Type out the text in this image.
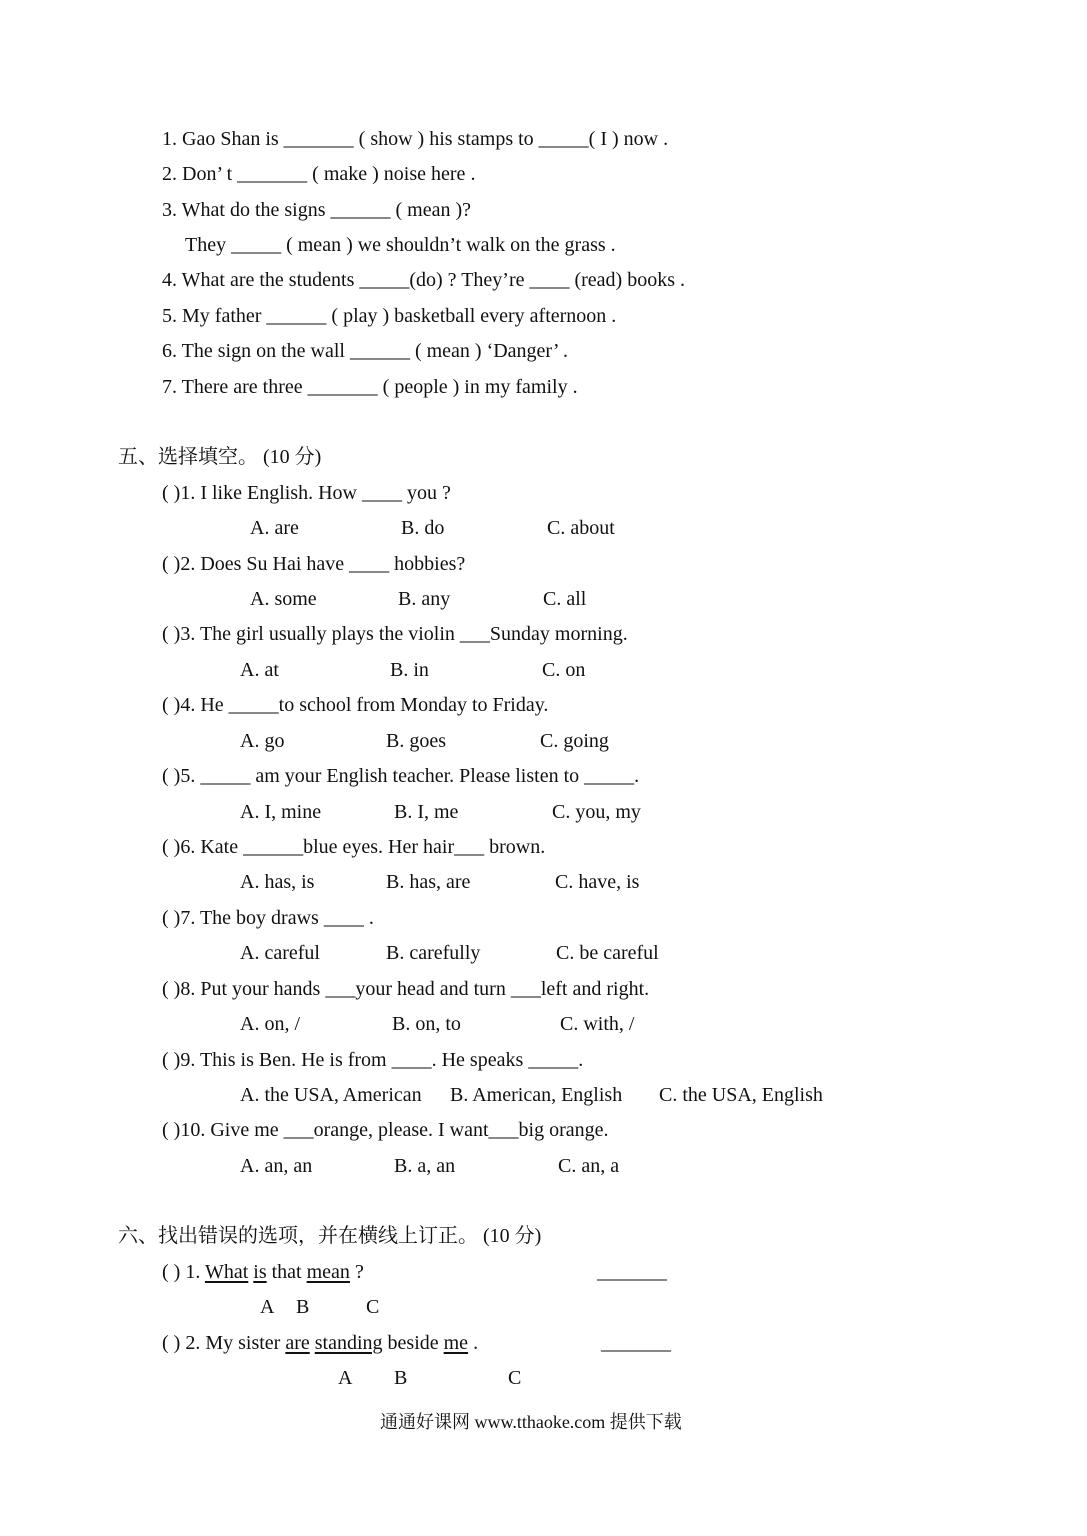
1. Gao Shan is _______ ( show ) his stamps to _____( I ) now .
2. Don’ t _______ ( make ) noise here .
3. What do the signs ______ ( mean )?
They _____ ( mean ) we shouldn’t walk on the grass .
4. What are the students _____(do) ? They’re ____ (read) books .
5. My father ______ ( play ) basketball every afternoon .
6. The sign on the wall ______ ( mean ) ‘Danger’ .
7. There are three _______ ( people ) in my family .
五、选择填空。 (10 分)
( )1. I like English. How ____ you ?
A. are	B. do	C. about
( )2. Does Su Hai have ____ hobbies?
A. some	B. any	C. all
( )3. The girl usually plays the violin ___Sunday morning.
A. at	B. in	C. on
( )4. He _____to school from Monday to Friday.
A. go	B. goes	C. going
( )5. _____ am your English teacher. Please listen to _____.
A. I, mine	B. I, me	C. you, my
( )6. Kate ______blue eyes. Her hair___ brown.
A. has, is	B. has, are	C. have, is
( )7. The boy draws ____ .
A. careful	B. carefully	C. be careful
( )8. Put your hands ___your head and turn ___left and right.
A. on, /	B. on, to	C. with, /
( )9. This is Ben. He is from ____. He speaks _____.
A. the USA, American B. American, English C. the USA, English
( )10. Give me ___orange, please. I want___big orange.
A. an, an	B. a, an	C. an, a
六、找出错误的选项，并在横线上订正。 (10 分)
( ) 1. What is that mean ?	_______
A B	C
( ) 2. My sister are standing beside me .	_______
A B	C
通通好课网 www.tthaoke.com 提供下载
